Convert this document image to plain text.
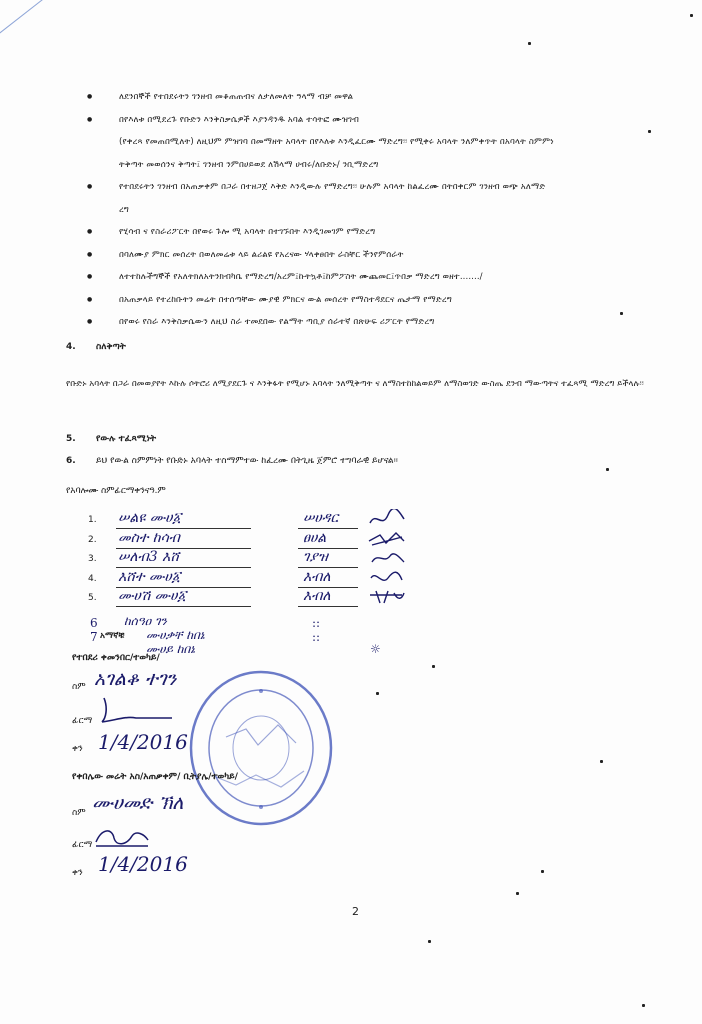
● ለደንበኞች የተበደሩትን ገንዘብ መቆጠጠብና ለታለመለት ዓላማ ብቻ መዋል
● በየእለቱ በሚደረጉ የቡድን እንቅስቃሴዎች እያንዳንዱ አባል ተሳትፎ ሙዝገብ
(የቀረጻ የመጠበሚለት) ለዚህም ምዝገባ በመማዘት አባላት በየእለቱ እንዲፈርሙ ማድረግ፡፡ የሚቀሩ አባላት ንለምቀጥት በአባላት ስምምነ
ትቅጣት መወሰንና ቅጣት፤ ገንዘብ ንምበሀይወደ ለሽላማ ሀብሩ/ለቡድኑ/ ንቢማድረግ
● የተበደሩትን ገንዘብ በአጠቃቀም በጋራ በተዘጋጀ እቅድ እንዲውሉ የማድረግ፡፡ ሁሉም አባላት ከልፈረሙ በትበቀርም ገንዘብ ወጭ አለማድ
ረግ
● የሂሳብ ና የስራሪፖርት በየወሩ ጉሎ ሚ አባላት በተገኙበት እንዲገመገም የማድረግ
● በባለሙያ ምክር መሰረት በወለመሬቱ ላይ ልሪልዩ የአረናው ሃላቀፀበት ራስቸር ችንየምሰራት
● ለተተከሉችግኞች የአለትክለአትንክብካቤ የማድረግ/አረም፤ኩትኳቶ፤ከምፖስት ሙጨመር፤ጥበቃ ማድረግ ወዘተ......./
● በአጠቃላይ የተረከቡትን መሬት በተሰጣቸው ሙያዊ ምክርና ውል መሰረት የማስተዳደርና ጤታማ የማድረግ
● በየወሩ የስራ እንቅስቃሴውን ለዚህ ስራ ተመደበው የልማት ጣቢያ ሰራተኛ በጽሁፍ ሪፖርት የማድረግ
4. ስለቅጣት
የቡድኑ አባላት በጋራ በመወያየት እኩሉ ሶትሮሪ ለሚያደርጉ ና እንቅፋት የሚሆኑ አባላት ንለሚቅጣት ና ለማስተከከልወይም ለማስወገድ ውስጤ ደንብ ማውጣትና ተፈጻሚ ማድረግ ይችላሉ፡፡
5. የውሉ ተፈጻሚነት
6. ይህ የውል ስምምነት የቡድኑ አባላት ተስማምተው ከፈረሙ በትጊዜ ጀምሮ ተግባራዊ ይሆናል፡፡
የአባሎሙ ስምፊርማቀንናዓ.ም
1. ሠልዩ ሙሀ፩	ሠሀዳር
2. መስተ ከሳብ	ፀሀል
3. ሠለብ3 እሸ	ገያዝ
4. እሸተ ሙሀ፩	እብለ
5. ሙሀሽ ሙሀ፩	እብለ
6 ከሰዓዐ ገን	::
7 አማኛቹ ሙሀቃቸ ከበኔ	::
ሙሀይ ከበኔ	☼
የተበደሪ ቀመንበር/ተወካይ/
ስም አገልቆ ተገን
ፊርማ
ቀን 1/4/2016
የቀበሌው መሬት አስ/አጠቃቀም/ ቢትያሌ/ተወካይ/
ስም ሙሀመድ ኽለ
ፊርማ
ቀን 1/4/2016
2
